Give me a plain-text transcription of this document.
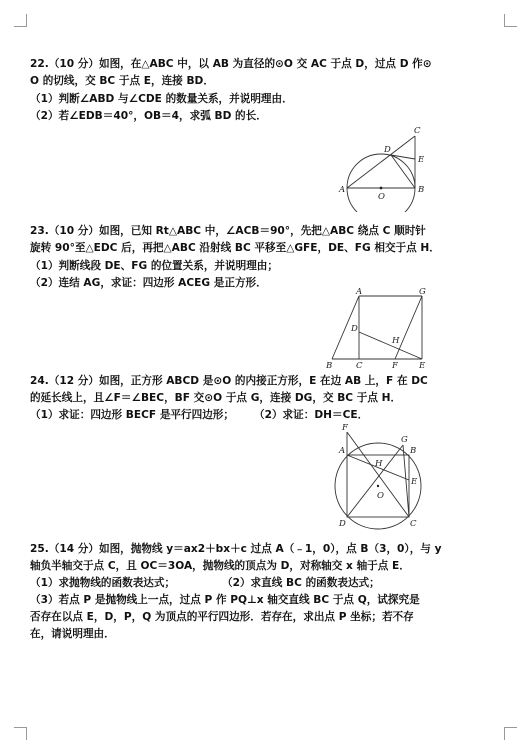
22.（10 分）如图，在△ABC 中，以 AB 为直径的⊙O 交 AC 于点 D，过点 D 作⊙
O 的切线，交 BC 于点 E，连接 BD．
（1）判断∠ABD 与∠CDE 的数量关系，并说明理由．
（2）若∠EDB＝40°，OB＝4，求弧 BD 的长．
A	B
C
D
E
O
23.（10 分）如图，已知 Rt△ABC 中，∠ACB＝90°，先把△ABC 绕点 C 顺时针
旋转 90°至△EDC 后，再把△ABC 沿射线 BC 平移至△GFE，DE、FG 相交于点 H．
（1）判断线段 DE、FG 的位置关系，并说明理由；
（2）连结 AG，求证：四边形 ACEG 是正方形．
A
B	C
D
E
F
G
H
24.（12 分）如图，正方形 ABCD 是⊙O 的内接正方形，E 在边 AB 上，F 在 DC
的延长线上，且∠F＝∠BEC，BF 交⊙O 于点 G，连接 DG，交 BC 于点 H．
（1）求证：四边形 BECF 是平行四边形；	（2）求证：DH＝CE．
A	B
C
D
E
F
G
H
O
25.（14 分）如图，抛物线 y＝ax2＋bx＋c 过点 A（﹣1，0），点 B（3，0），与 y
轴负半轴交于点 C，且 OC＝3OA，抛物线的顶点为 D，对称轴交 x 轴于点 E．
（1）求抛物线的函数表达式；	（2）求直线 BC 的函数表达式；
（3）若点 P 是抛物线上一点，过点 P 作 PQ⊥x 轴交直线 BC 于点 Q，试探究是
否存在以点 E，D，P，Q 为顶点的平行四边形．若存在，求出点 P 坐标；若不存
在，请说明理由．
